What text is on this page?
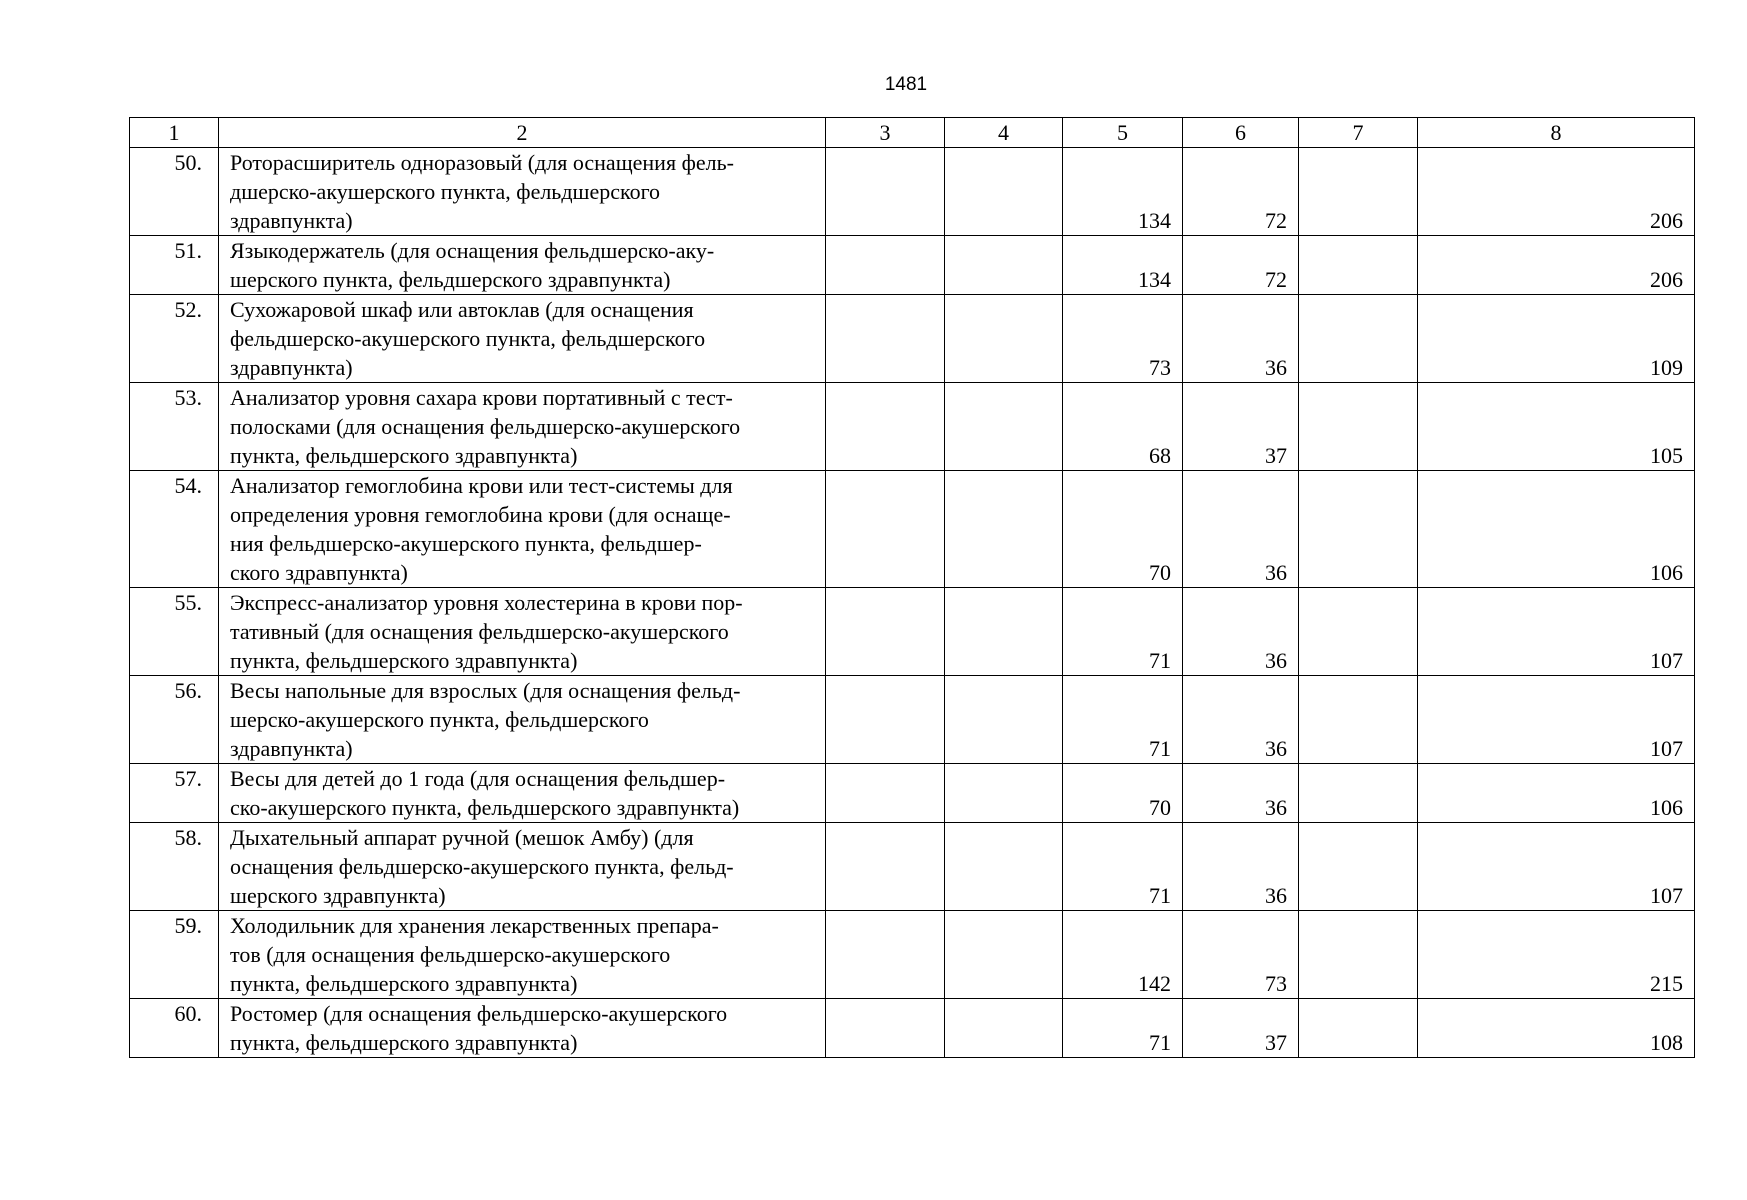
1481
1	2	3	4	5	6	7	8
50.	Роторасширитель одноразовый (для оснащения фель-
дшерско-акушерского пункта, фельдшерского
здравпункта)			134	72		206
51.	Языкодержатель (для оснащения фельдшерско-аку-
шерского пункта, фельдшерского здравпункта)			134	72		206
52.	Сухожаровой шкаф или автоклав (для оснащения
фельдшерско-акушерского пункта, фельдшерского
здравпункта)			73	36		109
53.	Анализатор уровня сахара крови портативный с тест-
полосками (для оснащения фельдшерско-акушерского
пункта, фельдшерского здравпункта)			68	37		105
54.	Анализатор гемоглобина крови или тест-системы для
определения уровня гемоглобина крови (для оснаще-
ния фельдшерско-акушерского пункта, фельдшер-
ского здравпункта)			70	36		106
55.	Экспресс-анализатор уровня холестерина в крови пор-
тативный (для оснащения фельдшерско-акушерского
пункта, фельдшерского здравпункта)			71	36		107
56.	Весы напольные для взрослых (для оснащения фельд-
шерско-акушерского пункта, фельдшерского
здравпункта)			71	36		107
57.	Весы для детей до 1 года (для оснащения фельдшер-
ско-акушерского пункта, фельдшерского здравпункта)			70	36		106
58.	Дыхательный аппарат ручной (мешок Амбу) (для
оснащения фельдшерско-акушерского пункта, фельд-
шерского здравпункта)			71	36		107
59.	Холодильник для хранения лекарственных препара-
тов (для оснащения фельдшерско-акушерского
пункта, фельдшерского здравпункта)			142	73		215
60.	Ростомер (для оснащения фельдшерско-акушерского
пункта, фельдшерского здравпункта)			71	37		108
